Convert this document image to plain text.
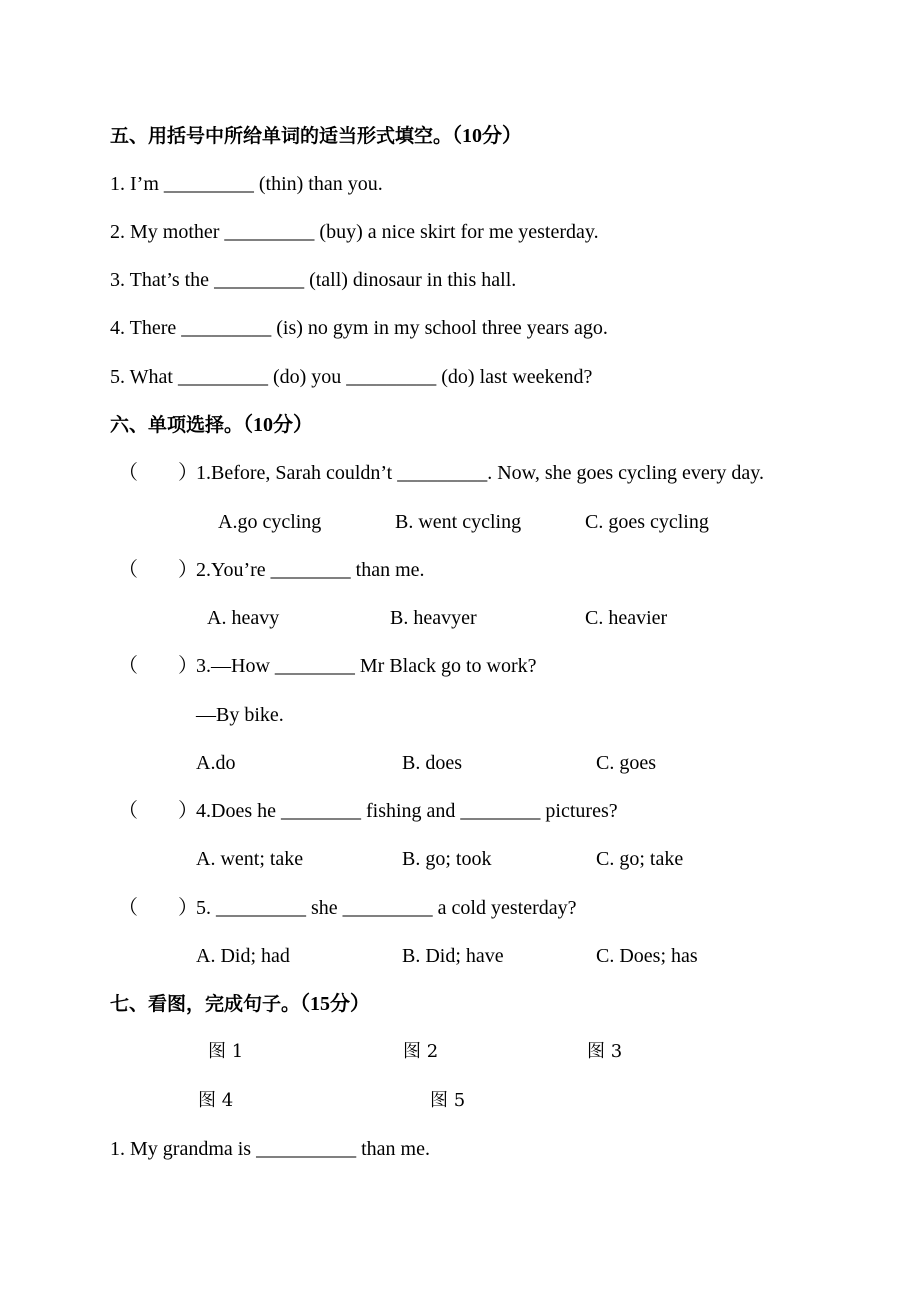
五、用括号中所给单词的适当形式填空。（10分）
1. I’m _________ (thin) than you.
2. My mother _________ (buy) a nice skirt for me yesterday.
3. That’s the _________ (tall) dinosaur in this hall.
4. There _________ (is) no gym in my school three years ago.
5. What _________ (do) you _________ (do) last weekend?
六、单项选择。（10分）
（　　）
1.Before, Sarah couldn’t _________. Now, she goes cycling every day.
A.go cycling	B. went cycling	C. goes cycling
（　　）
2.You’re ________ than me.
A. heavy	B. heavyer	C. heavier
（　　）
3.—How ________ Mr Black go to work?
—By bike.
A.do	B. does	C. goes
（　　）
4.Does he ________ fishing and ________ pictures?
A. went; take	B. go; took	C. go; take
（　　）
5. _________ she _________ a cold yesterday?
A. Did; had	B. Did; have	C. Does; has
七、看图，完成句子。（15分）
图 1	图 2	图 3
图 4	图 5
1. My grandma is __________ than me.
